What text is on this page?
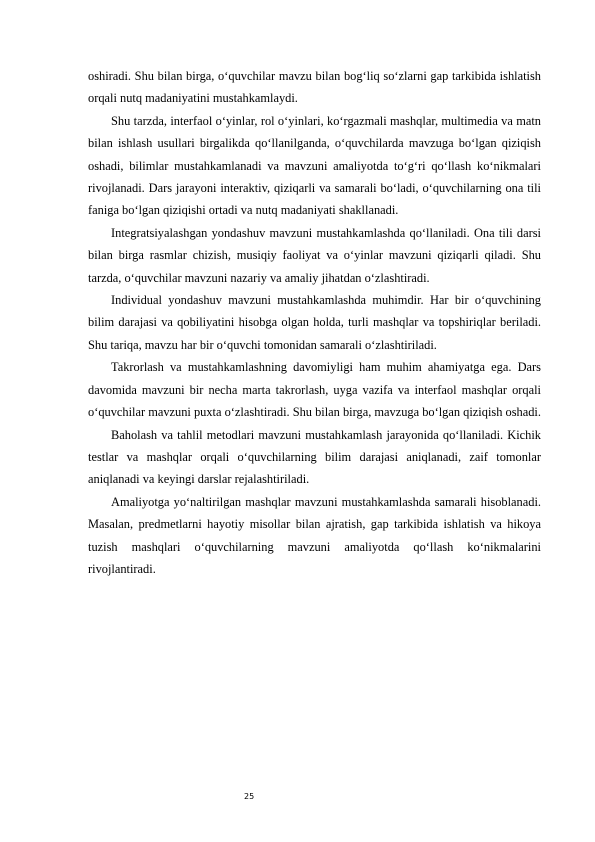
oshiradi. Shu bilan birga, o‘quvchilar mavzu bilan bog‘liq so‘zlarni gap tarkibida ishlatish orqali nutq madaniyatini mustahkamlaydi.

Shu tarzda, interfaol o‘yinlar, rol o‘yinlari, ko‘rgazmali mashqlar, multimedia va matn bilan ishlash usullari birgalikda qo‘llanilganda, o‘quvchilarda mavzuga bo‘lgan qiziqish oshadi, bilimlar mustahkamlanadi va mavzuni amaliyotda to‘g‘ri qo‘llash ko‘nikmalari rivojlanadi. Dars jarayoni interaktiv, qiziqarli va samarali bo‘ladi, o‘quvchilarning ona tili faniga bo‘lgan qiziqishi ortadi va nutq madaniyati shakllanadi.

Integratsiyalashgan yondashuv mavzuni mustahkamlashda qo‘llaniladi. Ona tili darsi bilan birga rasmlar chizish, musiqiy faoliyat va o‘yinlar mavzuni qiziqarli qiladi. Shu tarzda, o‘quvchilar mavzuni nazariy va amaliy jihatdan o‘zlashtiradi.

Individual yondashuv mavzuni mustahkamlashda muhimdir. Har bir o‘quvchining bilim darajasi va qobiliyatini hisobga olgan holda, turli mashqlar va topshiriqlar beriladi. Shu tariqa, mavzu har bir o‘quvchi tomonidan samarali o‘zlashtiriladi.

Takrorlash va mustahkamlashning davomiyligi ham muhim ahamiyatga ega. Dars davomida mavzuni bir necha marta takrorlash, uyga vazifa va interfaol mashqlar orqali o‘quvchilar mavzuni puxta o‘zlashtiradi. Shu bilan birga, mavzuga bo‘lgan qiziqish oshadi.

Baholash va tahlil metodlari mavzuni mustahkamlash jarayonida qo‘llaniladi. Kichik testlar va mashqlar orqali o‘quvchilarning bilim darajasi aniqlanadi, zaif tomonlar aniqlanadi va keyingi darslar rejalashtiriladi.

Amaliyotga yo‘naltirilgan mashqlar mavzuni mustahkamlashda samarali hisoblanadi. Masalan, predmetlarni hayotiy misollar bilan ajratish, gap tarkibida ishlatish va hikoya tuzish mashqlari o‘quvchilarning mavzuni amaliyotda qo‘llash ko‘nikmalarini rivojlantiradi.

25
